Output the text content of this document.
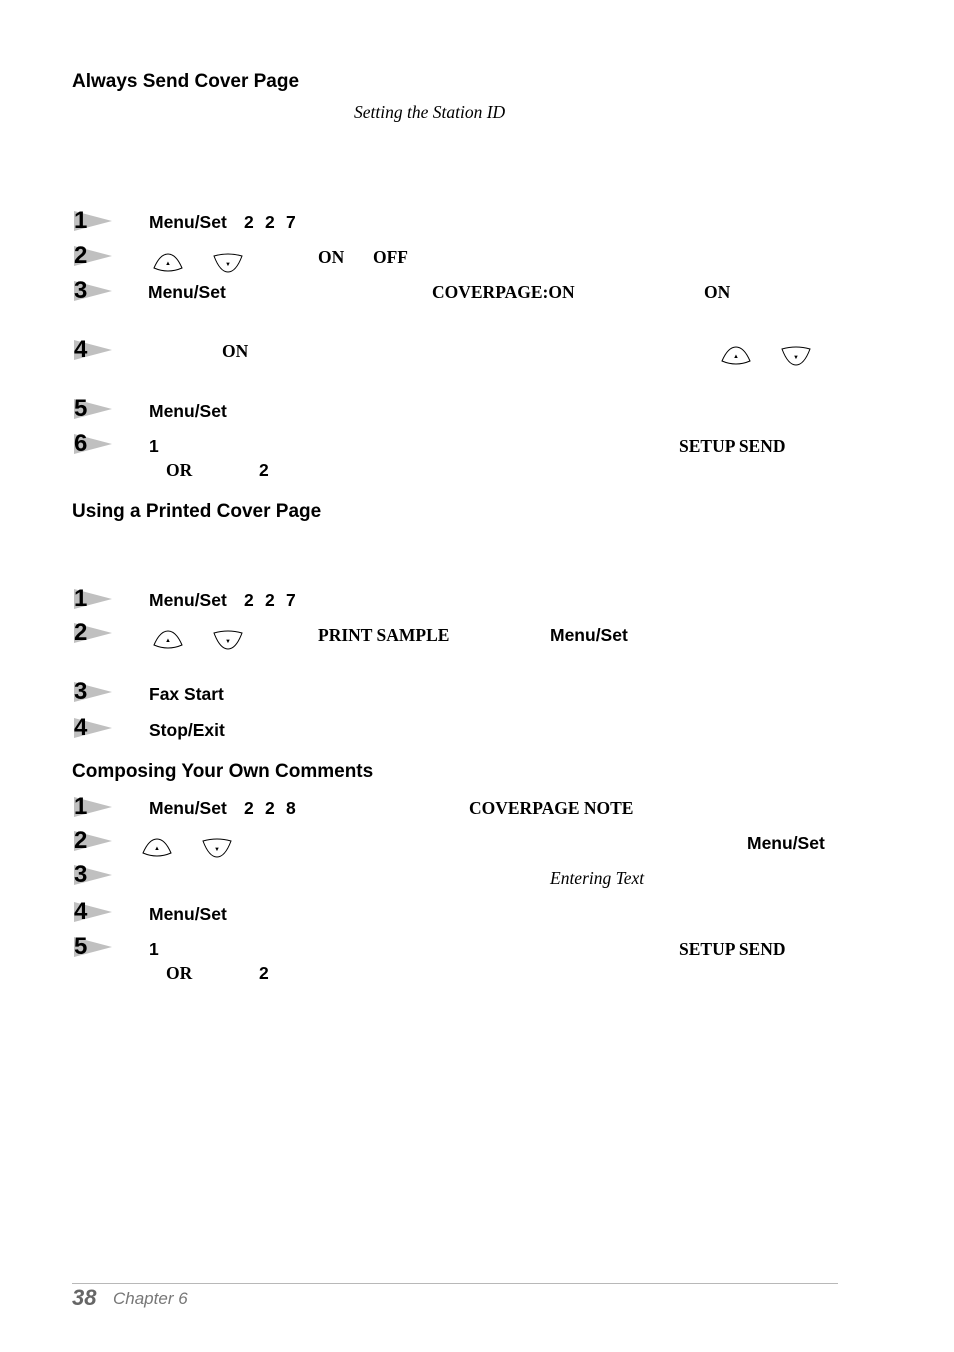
Always Send Cover Page
Setting the Station ID
1	Menu/Set 2 2 7
2	▲	▼	ON OFF
3	Menu/Set	COVERPAGE:ON	ON
4	ON	▲	▼
5	Menu/Set
6	1	SETUP SEND
OR	2
Using a Printed Cover Page
1	Menu/Set 2 2 7
2	▲	▼	PRINT SAMPLE	Menu/Set
3	Fax Start
4	Stop/Exit
Composing Your Own Comments
1	Menu/Set 2 2 8	COVERPAGE NOTE
2	▲	▼	Menu/Set
3	Entering Text
4	Menu/Set
5	1	SETUP SEND
OR	2
38 Chapter 6
